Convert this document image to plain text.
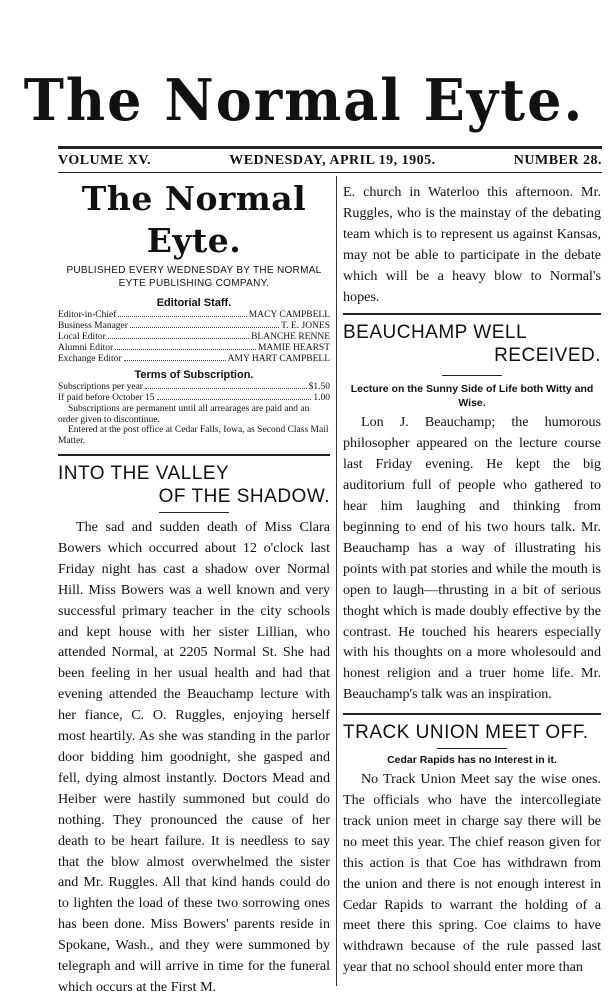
The Normal Eyte.
VOLUME XV.	WEDNESDAY, APRIL 19, 1905.	NUMBER 28.
The Normal Eyte.
PUBLISHED EVERY WEDNESDAY BY THE NORMAL EYTE PUBLISHING COMPANY.
Editorial Staff.
Editor-in-Chief	MACY CAMPBELL
Business Manager	T. E. JONES
Local Editor	BLANCHE RENNE
Alumni Editor	MAMIE HEARST
Exchange Editor	AMY HART CAMPBELL
Terms of Subscription.
Subscriptions per year	$1.50
If paid before October 15	1.00
Subscriptions are permanent until all arrearages are paid and an order given to discontinue.
Entered at the post office at Cedar Falls, Iowa, as Second Class Mail Matter.
INTO THE VALLEY
OF THE SHADOW.

The sad and sudden death of Miss Clara Bowers which occurred about 12 o'clock last Friday night has cast a shadow over Normal Hill. Miss Bowers was a well known and very successful primary teacher in the city schools and kept house with her sister Lillian, who attended Normal, at 2205 Normal St. She had been feeling in her usual health and had that evening attended the Beauchamp lecture with her fiance, C. O. Ruggles, enjoying herself most heartily. As she was standing in the parlor door bidding him goodnight, she gasped and fell, dying almost instantly. Doctors Mead and Heiber were hastily summoned but could do nothing. They pronounced the cause of her death to be heart failure. It is needless to say that the blow almost overwhelmed the sister and Mr. Ruggles. All that kind hands could do to lighten the load of these two sorrowing ones has been done. Miss Bowers' parents reside in Spokane, Wash., and they were summoned by telegraph and will arrive in time for the funeral which occurs at the First M.

E. church in Waterloo this afternoon. Mr. Ruggles, who is the mainstay of the debating team which is to represent us against Kansas, may not be able to participate in the debate which will be a heavy blow to Normal's hopes.

BEAUCHAMP WELL
RECEIVED.
Lecture on the Sunny Side of Life both Witty and Wise.

Lon J. Beauchamp; the humorous philosopher appeared on the lecture course last Friday evening. He kept the big auditorium full of people who gathered to hear him laughing and thinking from beginning to end of his two hours talk. Mr. Beauchamp has a way of illustrating his points with pat stories and while the mouth is open to laugh—thrusting in a bit of serious thoght which is made doubly effective by the contrast. He touched his hearers especially with his thoughts on a more wholesould and honest religion and a truer home life. Mr. Beauchamp's talk was an inspiration.

TRACK UNION MEET OFF.
Cedar Rapids has no Interest in it.

No Track Union Meet say the wise ones. The officials who have the intercollegiate track union meet in charge say there will be no meet this year. The chief reason given for this action is that Coe has withdrawn from the union and there is not enough interest in Cedar Rapids to warrant the holding of a meet there this spring. Coe claims to have withdrawn because of the rule passed last year that no school should enter more than
